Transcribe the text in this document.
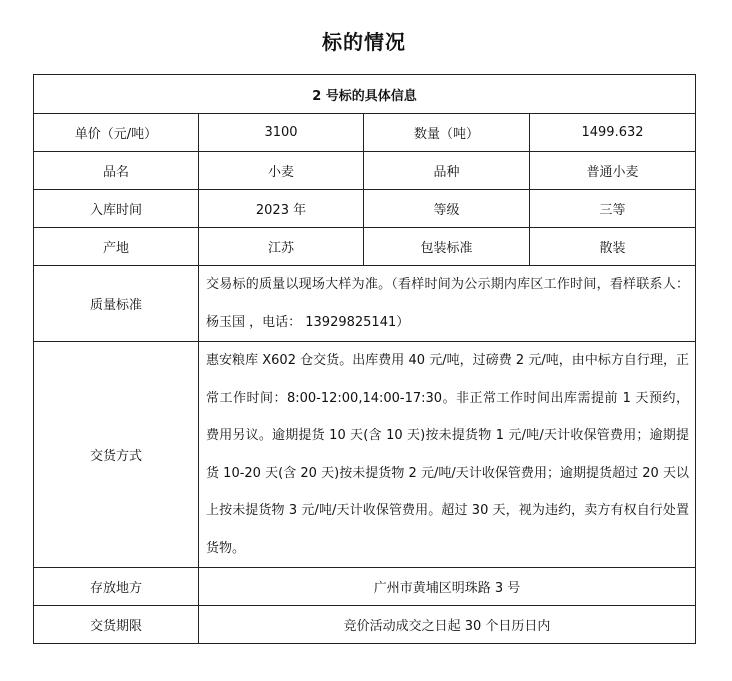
标的情况
2 号标的具体信息			
单价（元/吨）	3100	数量（吨）	1499.632
品名	小麦	品种	普通小麦
入库时间	2023 年	等级	三等
产地	江苏	包装标准	散装
质量标准	交易标的质量以现场大样为准。（看样时间为公示期内库区工作时间，看样联系人：杨玉国 ，电话： 13929825141）		
交货方式	惠安粮库 X602 仓交货。出库费用 40 元/吨，过磅费 2 元/吨，由中标方自行理，正常工作时间：8:00-12:00,14:00-17:30。非正常工作时间出库需提前 1 天预约，费用另议。逾期提货 10 天(含 10 天)按未提货物 1 元/吨/天计收保管费用；逾期提货 10-20 天(含 20 天)按未提货物 2 元/吨/天计收保管费用；逾期提货超过 20 天以上按未提货物 3 元/吨/天计收保管费用。超过 30 天，视为违约，卖方有权自行处置货物。		
存放地方	广州市黄埔区明珠路 3 号		
交货期限	竞价活动成交之日起 30 个日历日内		
